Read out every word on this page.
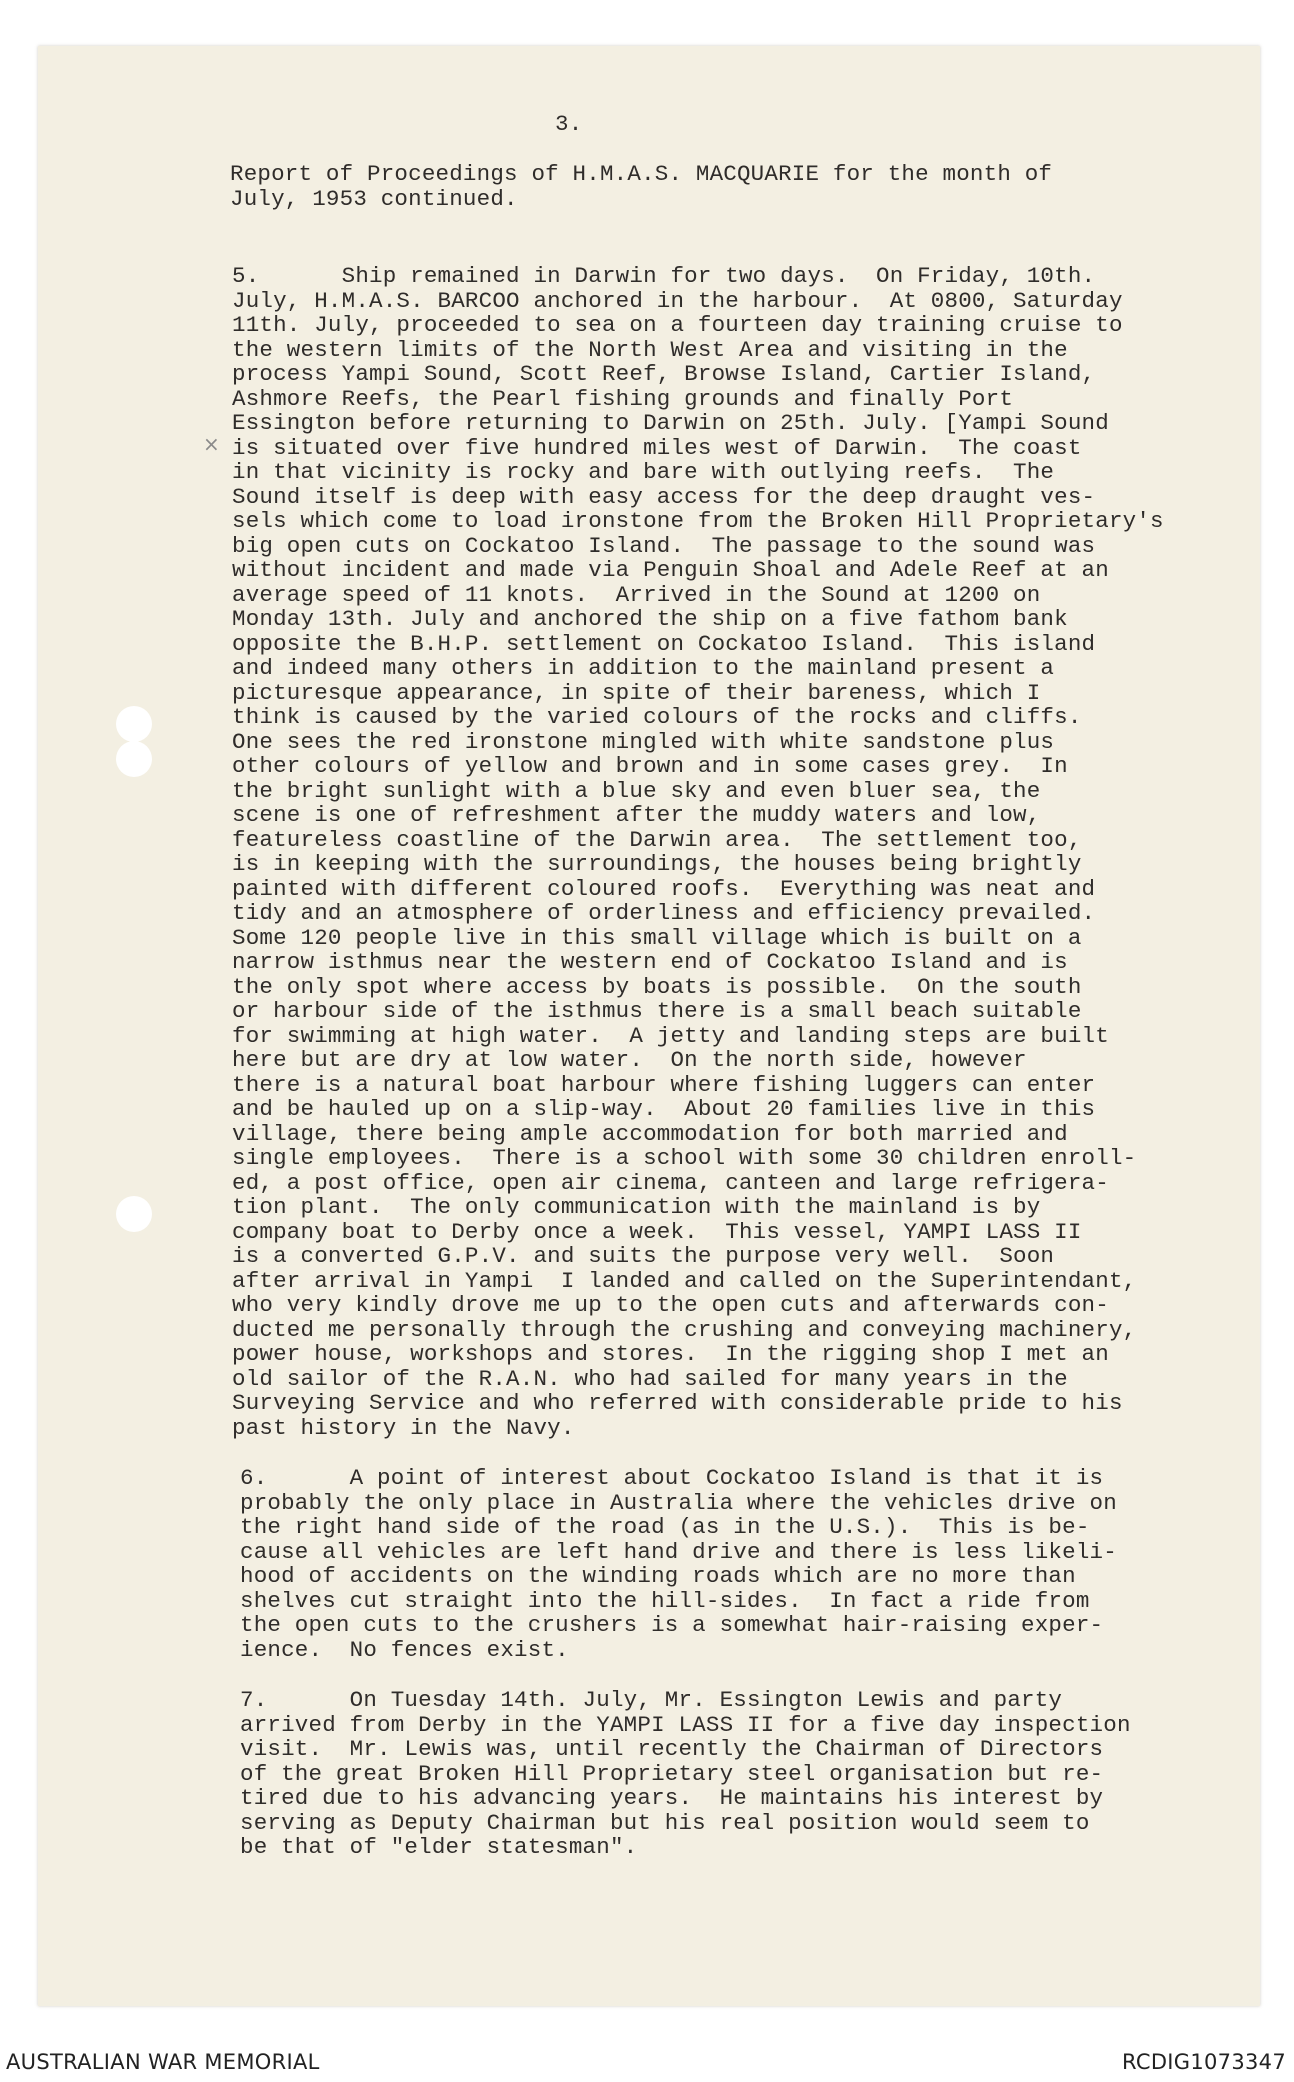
3.
Report of Proceedings of H.M.A.S. MACQUARIE for the month of
July, 1953 continued.
×
5.      Ship remained in Darwin for two days.  On Friday, 10th.
July, H.M.A.S. BARCOO anchored in the harbour.  At 0800, Saturday
11th. July, proceeded to sea on a fourteen day training cruise to
the western limits of the North West Area and visiting in the
process Yampi Sound, Scott Reef, Browse Island, Cartier Island,
Ashmore Reefs, the Pearl fishing grounds and finally Port
Essington before returning to Darwin on 25th. July. [Yampi Sound
is situated over five hundred miles west of Darwin.  The coast
in that vicinity is rocky and bare with outlying reefs.  The
Sound itself is deep with easy access for the deep draught ves-
sels which come to load ironstone from the Broken Hill Proprietary's
big open cuts on Cockatoo Island.  The passage to the sound was
without incident and made via Penguin Shoal and Adele Reef at an
average speed of 11 knots.  Arrived in the Sound at 1200 on
Monday 13th. July and anchored the ship on a five fathom bank
opposite the B.H.P. settlement on Cockatoo Island.  This island
and indeed many others in addition to the mainland present a
picturesque appearance, in spite of their bareness, which I
think is caused by the varied colours of the rocks and cliffs.
One sees the red ironstone mingled with white sandstone plus
other colours of yellow and brown and in some cases grey.  In
the bright sunlight with a blue sky and even bluer sea, the
scene is one of refreshment after the muddy waters and low,
featureless coastline of the Darwin area.  The settlement too,
is in keeping with the surroundings, the houses being brightly
painted with different coloured roofs.  Everything was neat and
tidy and an atmosphere of orderliness and efficiency prevailed.
Some 120 people live in this small village which is built on a
narrow isthmus near the western end of Cockatoo Island and is
the only spot where access by boats is possible.  On the south
or harbour side of the isthmus there is a small beach suitable
for swimming at high water.  A jetty and landing steps are built
here but are dry at low water.  On the north side, however
there is a natural boat harbour where fishing luggers can enter
and be hauled up on a slip-way.  About 20 families live in this
village, there being ample accommodation for both married and
single employees.  There is a school with some 30 children enroll-
ed, a post office, open air cinema, canteen and large refrigera-
tion plant.  The only communication with the mainland is by
company boat to Derby once a week.  This vessel, YAMPI LASS II
is a converted G.P.V. and suits the purpose very well.  Soon
after arrival in Yampi  I landed and called on the Superintendant,
who very kindly drove me up to the open cuts and afterwards con-
ducted me personally through the crushing and conveying machinery,
power house, workshops and stores.  In the rigging shop I met an
old sailor of the R.A.N. who had sailed for many years in the
Surveying Service and who referred with considerable pride to his
past history in the Navy.
6.      A point of interest about Cockatoo Island is that it is
probably the only place in Australia where the vehicles drive on
the right hand side of the road (as in the U.S.).  This is be-
cause all vehicles are left hand drive and there is less likeli-
hood of accidents on the winding roads which are no more than
shelves cut straight into the hill-sides.  In fact a ride from
the open cuts to the crushers is a somewhat hair-raising exper-
ience.  No fences exist.
7.      On Tuesday 14th. July, Mr. Essington Lewis and party
arrived from Derby in the YAMPI LASS II for a five day inspection
visit.  Mr. Lewis was, until recently the Chairman of Directors
of the great Broken Hill Proprietary steel organisation but re-
tired due to his advancing years.  He maintains his interest by
serving as Deputy Chairman but his real position would seem to
be that of "elder statesman".
AUSTRALIAN WAR MEMORIAL	RCDIG1073347
